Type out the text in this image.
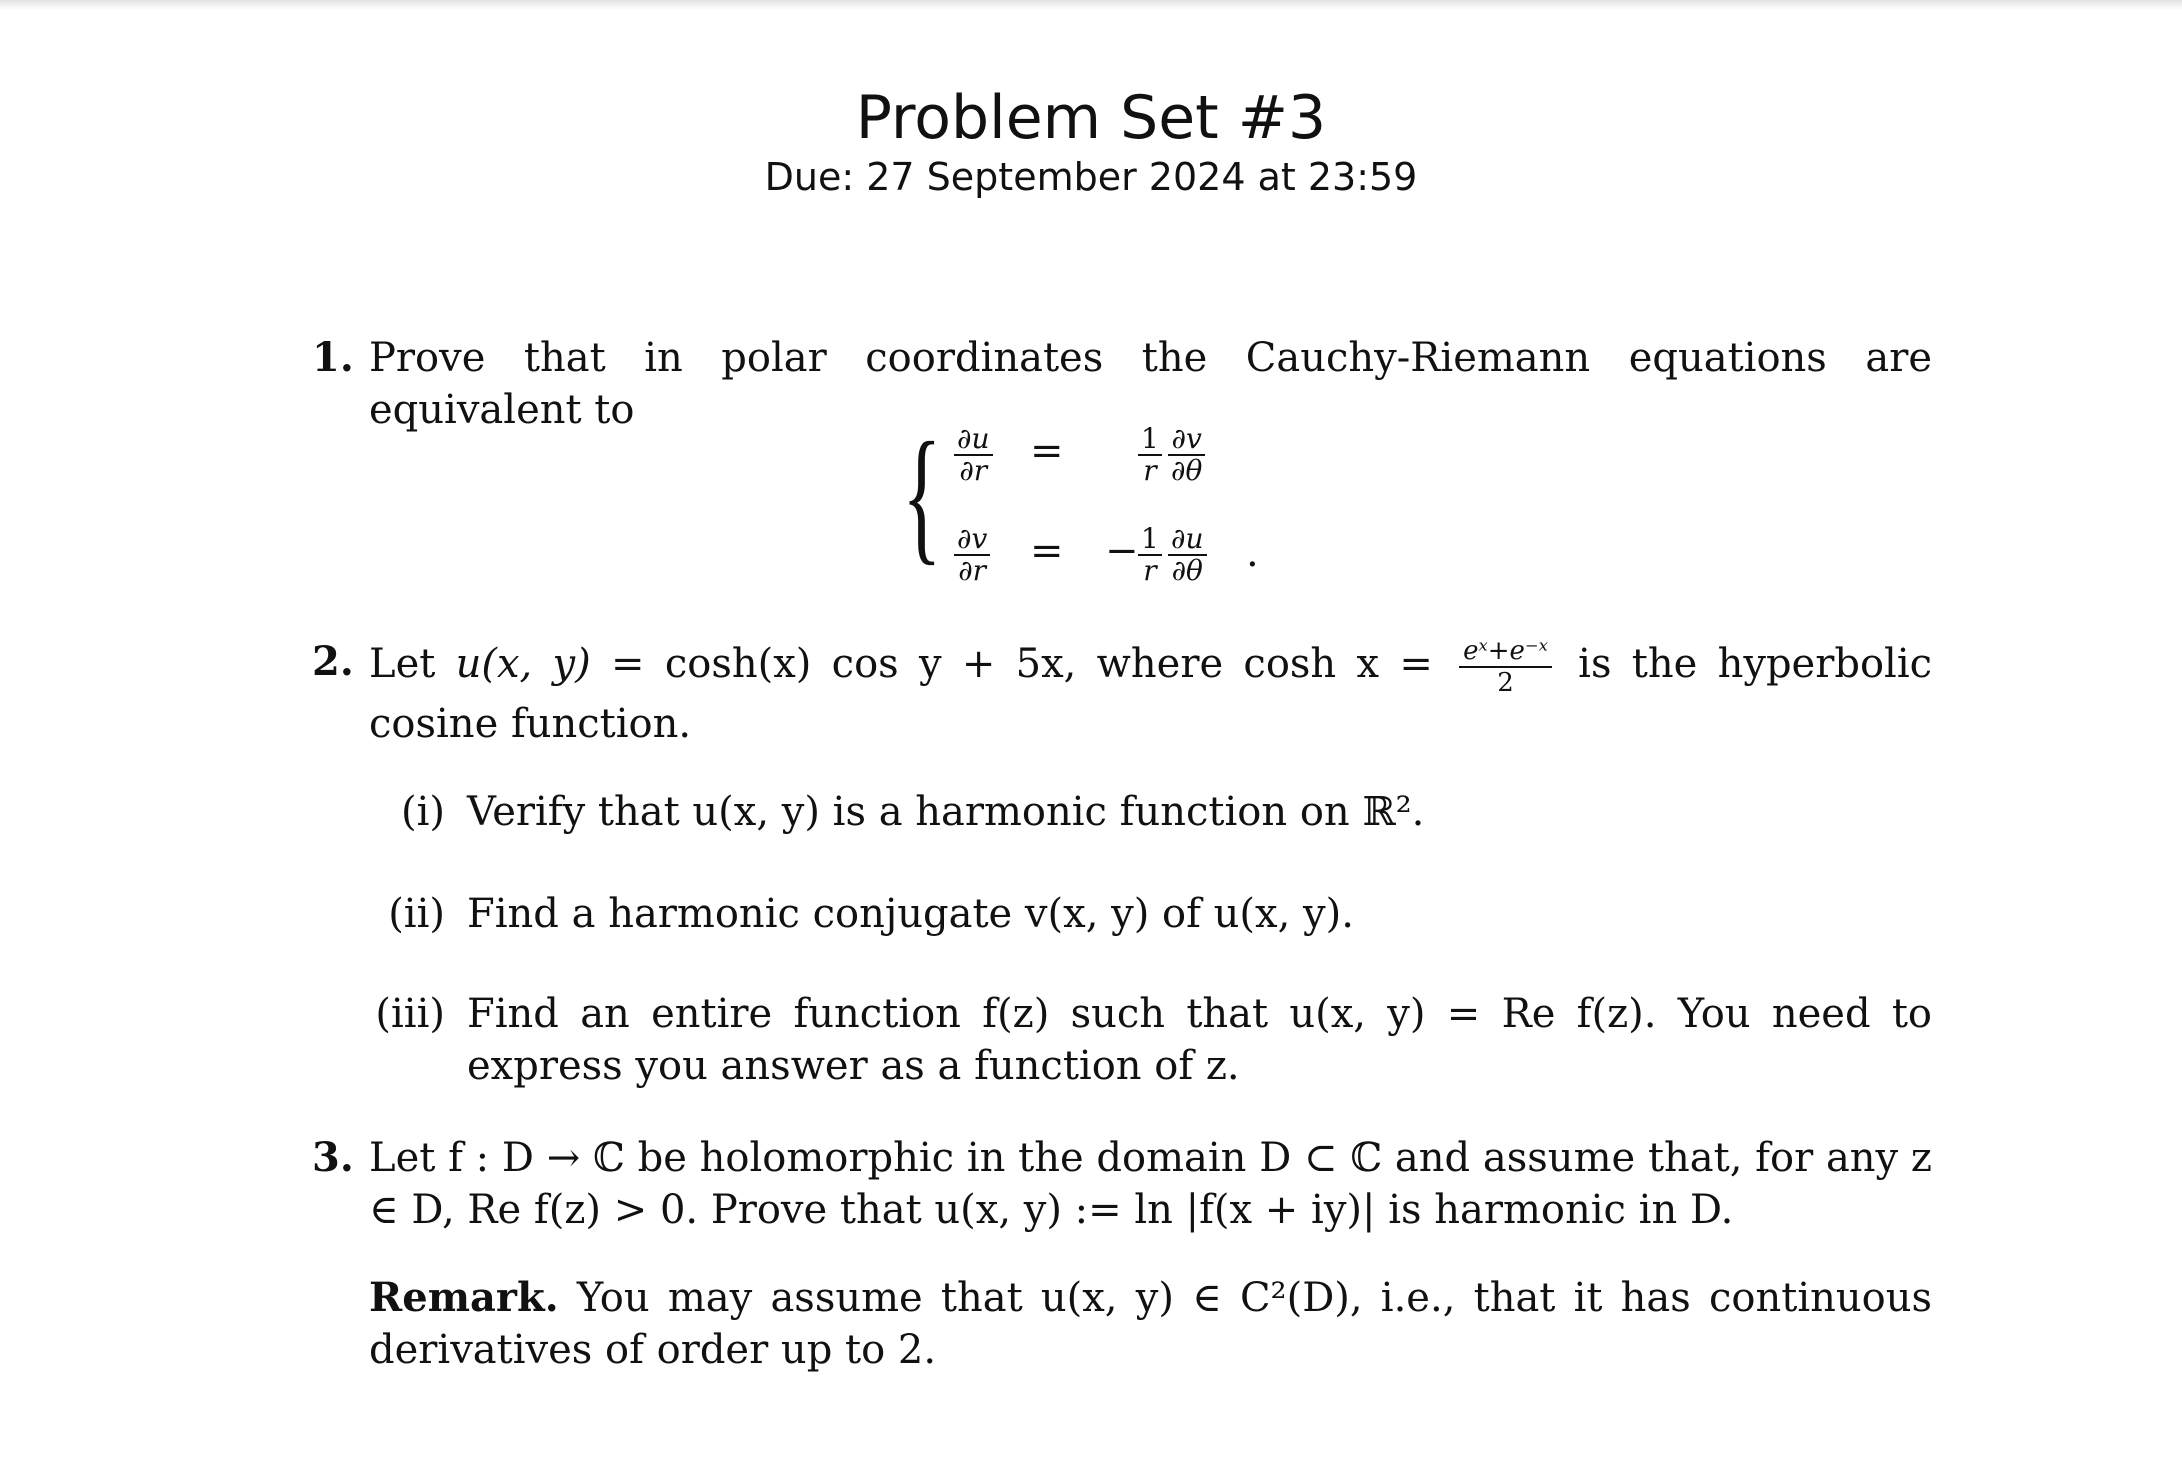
Problem Set #3
Due: 27 September 2024 at 23:59
1. Prove that in polar coordinates the Cauchy-Riemann equations are equivalent to
{ $\frac{\partial u}{\partial r}$ =	$\frac{1}{r} \frac{\partial v}{\partial\theta}$
$\frac{\partial v}{\partial r}$ = − $\frac{1}{r} \frac{\partial u}{\partial\theta}$ .
2. Let u(x, y) = cosh(x) cos y + 5x, where $\cosh x = \frac{\text{eˣ+e⁻ˣ}}{2}$ is the hyperbolic cosine function.
(i) Verify that u(x, y) is a harmonic function on ℝ².
(ii) Find a harmonic conjugate v(x, y) of u(x, y).
(iii) Find an entire function f(z) such that u(x, y) = Re f(z). You need to express you answer as a function of z.
3. Let f : D → ℂ be holomorphic in the domain D ⊂ ℂ and assume that, for any z ∈ D, Re f(z) > 0. Prove that u(x, y) := ln |f(x + iy)| is harmonic in D.
Remark. You may assume that u(x, y) ∈ C²(D), i.e., that it has continuous derivatives of order up to 2.
